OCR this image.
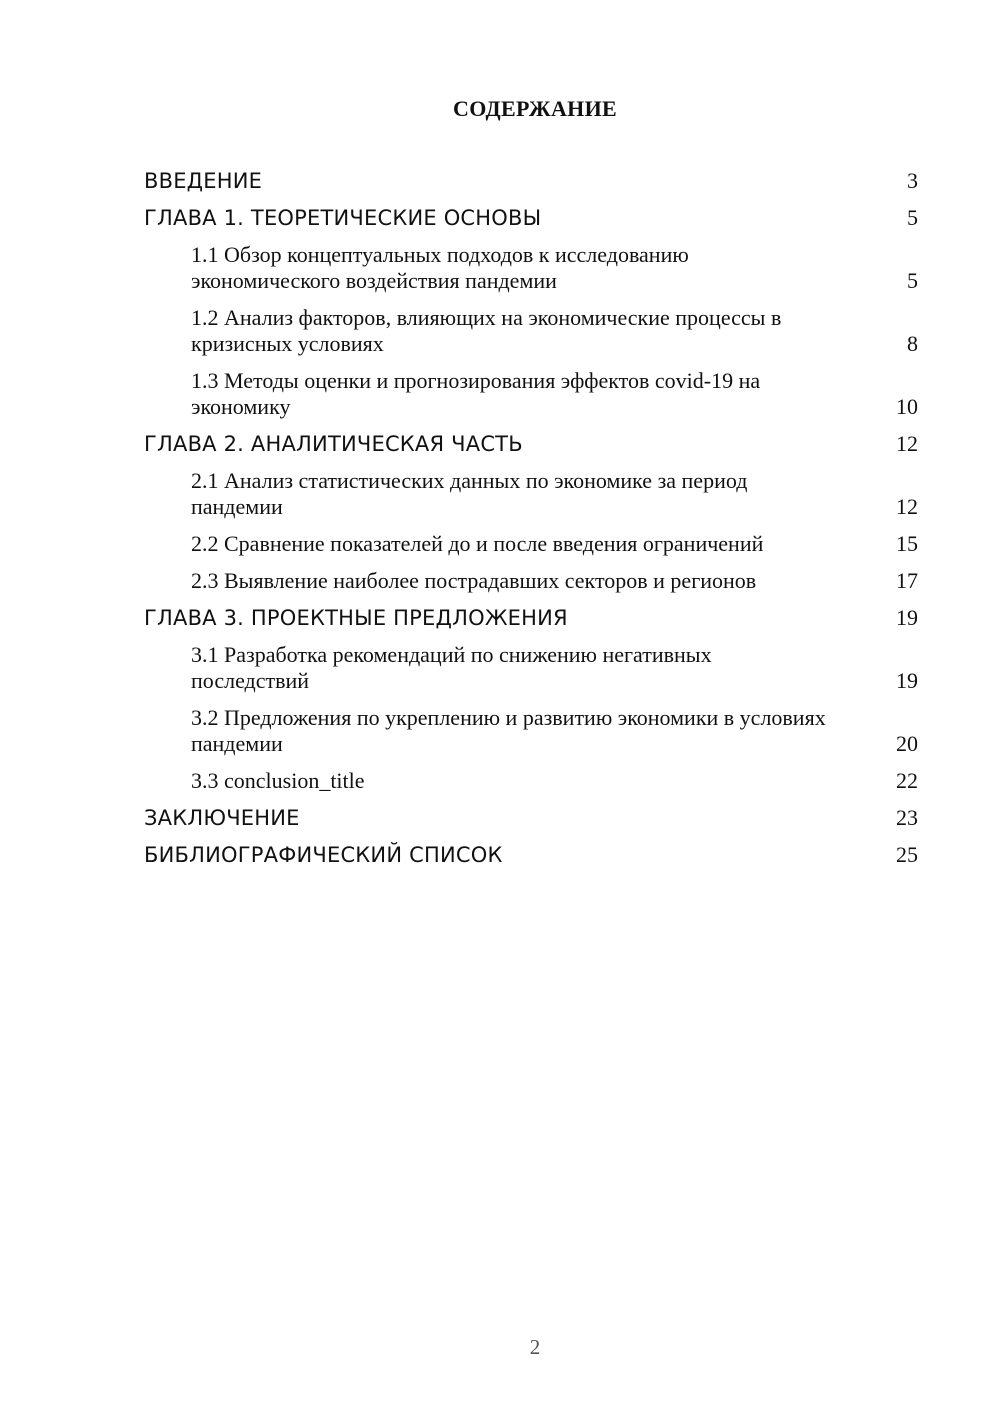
СОДЕРЖАНИЕ
ВВЕДЕНИЕ	3
ГЛАВА 1. ТЕОРЕТИЧЕСКИЕ ОСНОВЫ	5
1.1 Обзор концептуальных подходов к исследованию экономического воздействия пандемии	5
1.2 Анализ факторов, влияющих на экономические процессы в кризисных условиях	8
1.3 Методы оценки и прогнозирования эффектов covid-19 на экономику	10
ГЛАВА 2. АНАЛИТИЧЕСКАЯ ЧАСТЬ	12
2.1 Анализ статистических данных по экономике за период пандемии	12
2.2 Сравнение показателей до и после введения ограничений	15
2.3 Выявление наиболее пострадавших секторов и регионов	17
ГЛАВА 3. ПРОЕКТНЫЕ ПРЕДЛОЖЕНИЯ	19
3.1 Разработка рекомендаций по снижению негативных последствий	19
3.2 Предложения по укреплению и развитию экономики в условиях пандемии	20
3.3 conclusion_title	22
ЗАКЛЮЧЕНИЕ	23
БИБЛИОГРАФИЧЕСКИЙ СПИСОК	25
2
